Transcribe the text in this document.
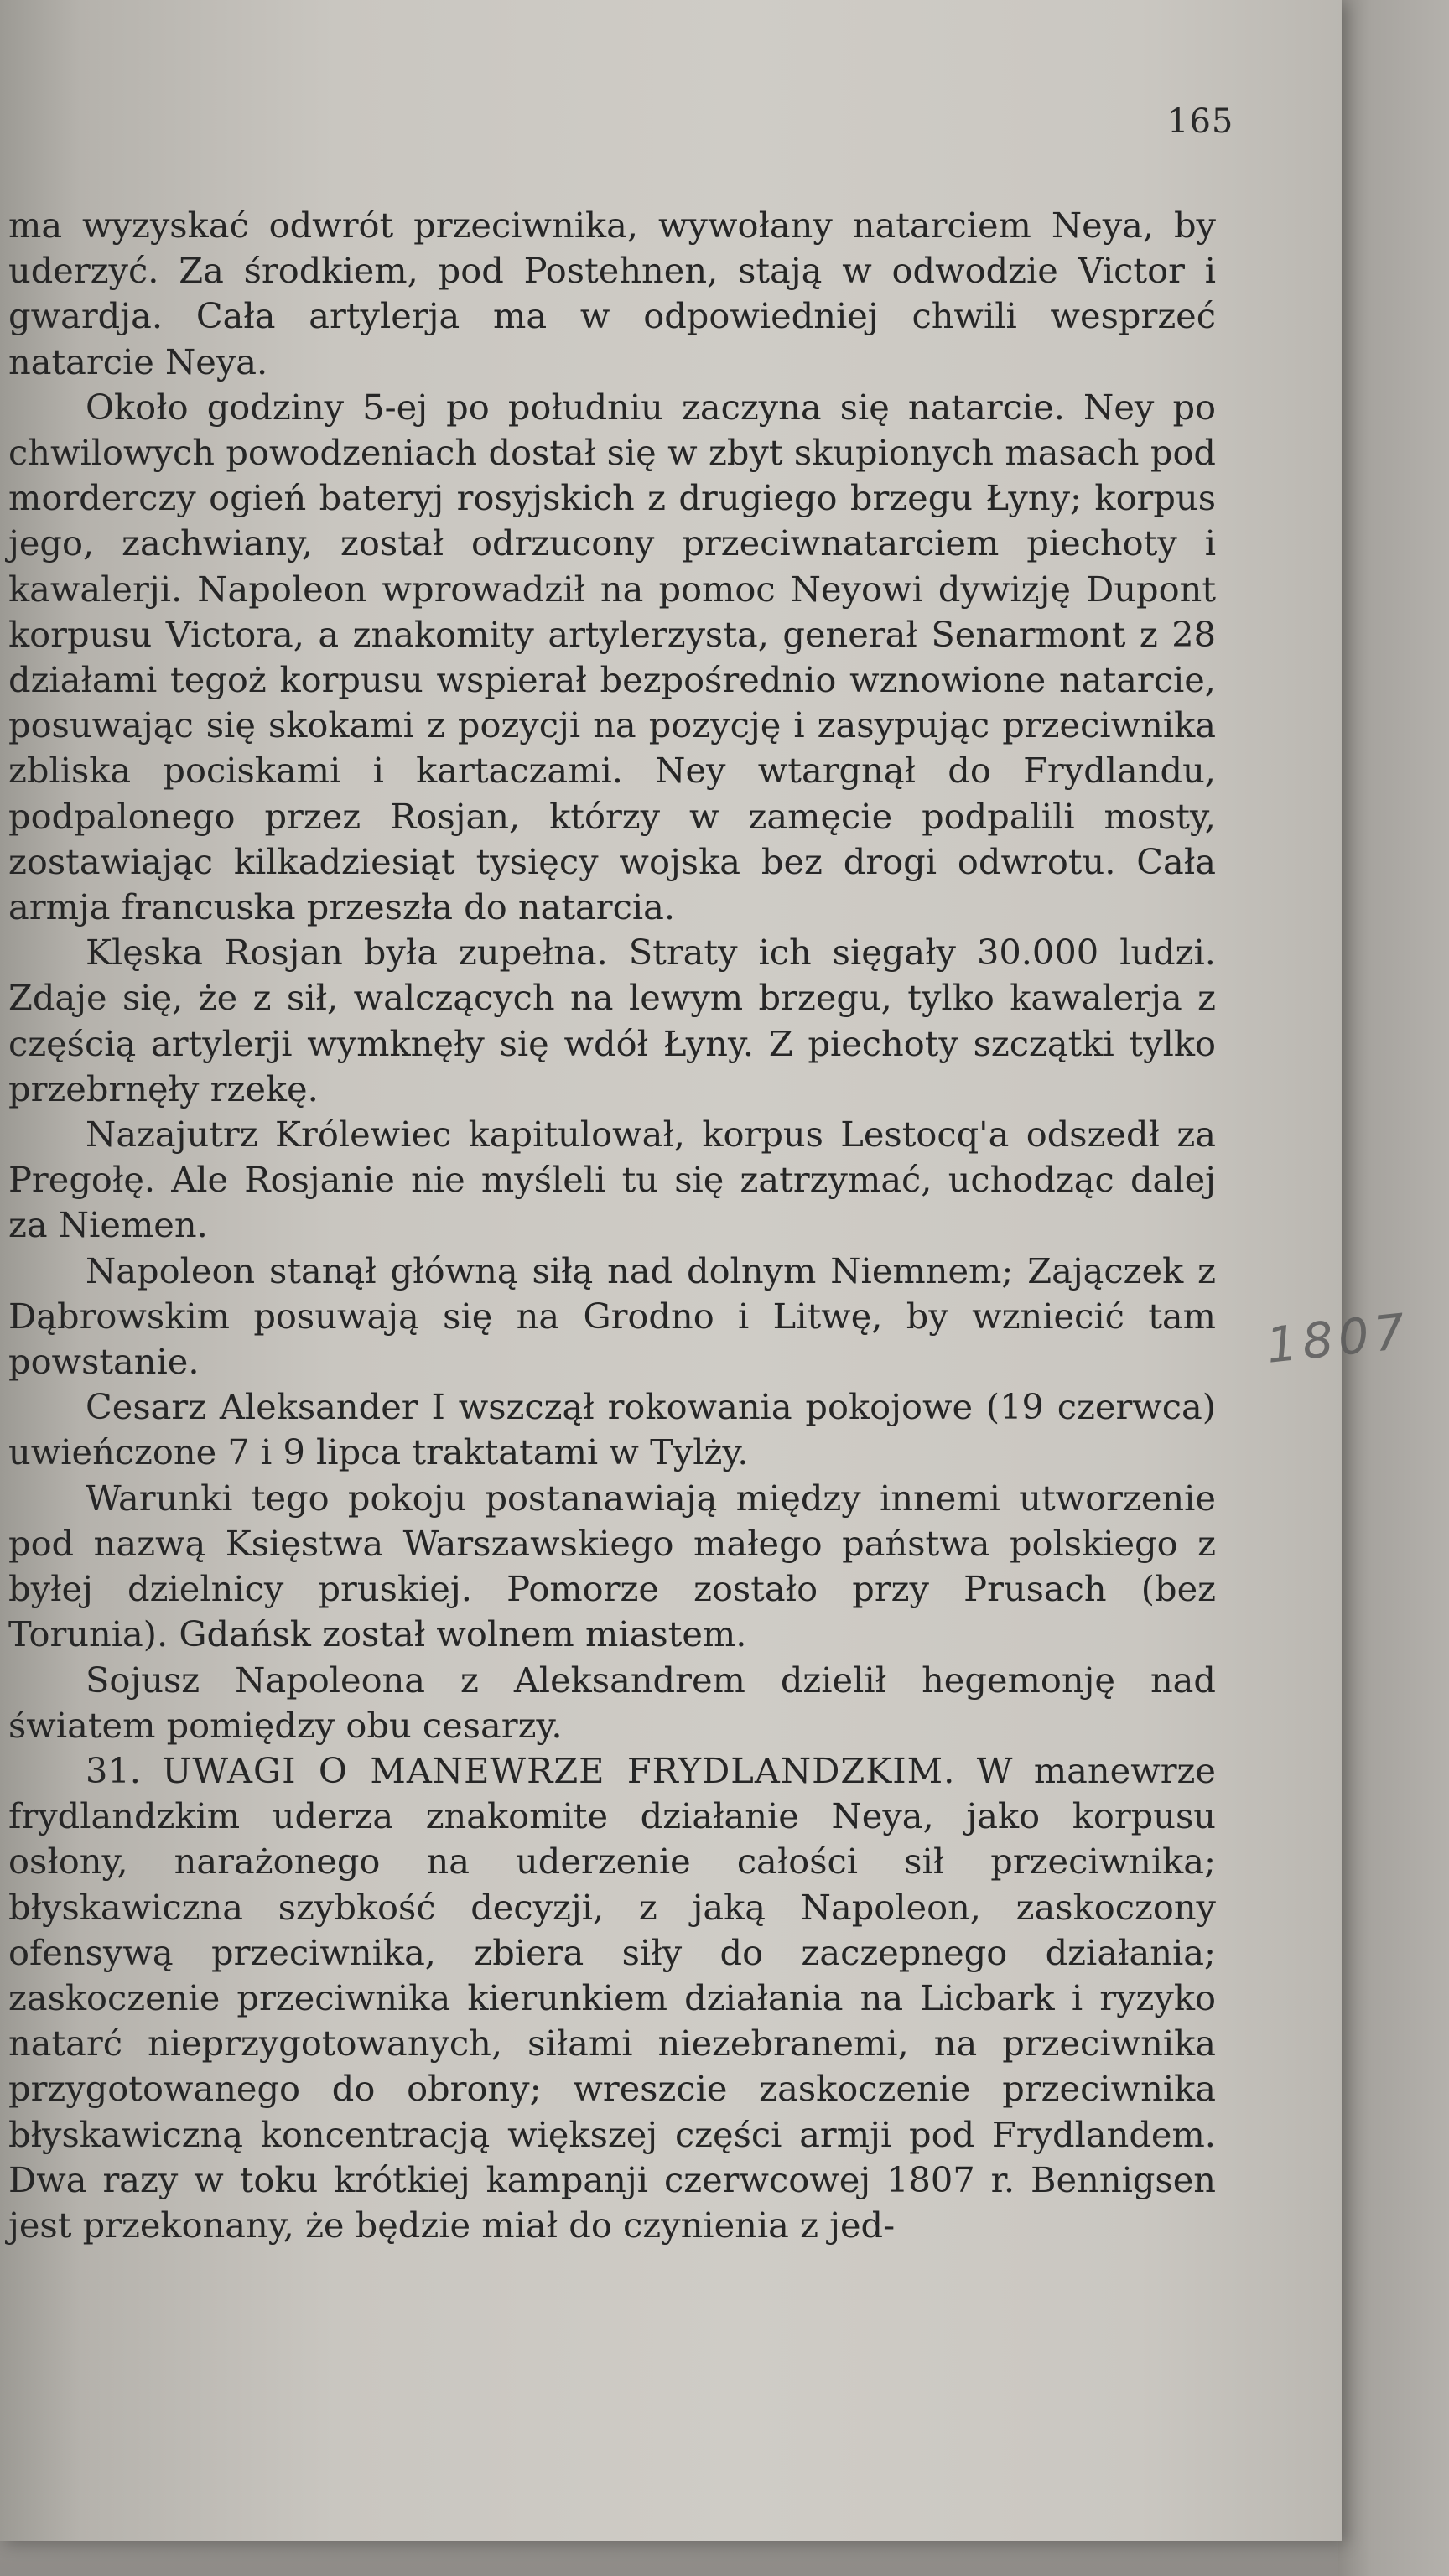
165

ma wyzyskać odwrót przeciwnika, wywołany natarciem Neya, by uderzyć. Za środkiem, pod Postehnen, stają w odwodzie Victor i gwardja. Cała artylerja ma w odpowiedniej chwili wesprzeć natarcie Neya.

Około godziny 5-ej po południu zaczyna się natarcie. Ney po chwilowych powodzeniach dostał się w zbyt skupionych masach pod morderczy ogień bateryj rosyjskich z drugiego brzegu Łyny; korpus jego, zachwiany, został odrzucony przeciwnatarciem piechoty i kawalerji. Napoleon wprowadził na pomoc Neyowi dywizję Dupont korpusu Victora, a znakomity artylerzysta, generał Senarmont z 28 działami tegoż korpusu wspierał bezpośrednio wznowione natarcie, posuwając się skokami z pozycji na pozycję i zasypując przeciwnika zbliska pociskami i kartaczami. Ney wtargnął do Frydlandu, podpalonego przez Rosjan, którzy w zamęcie podpalili mosty, zostawiając kilkadziesiąt tysięcy wojska bez drogi odwrotu. Cała armja francuska przeszła do natarcia.

Klęska Rosjan była zupełna. Straty ich sięgały 30.000 ludzi. Zdaje się, że z sił, walczących na lewym brzegu, tylko kawalerja z częścią artylerji wymknęły się wdół Łyny. Z piechoty szczątki tylko przebrnęły rzekę.

Nazajutrz Królewiec kapitulował, korpus Lestocq'a odszedł za Pregołę. Ale Rosjanie nie myśleli tu się zatrzymać, uchodząc dalej za Niemen.

Napoleon stanął główną siłą nad dolnym Niemnem; Zajączek z Dąbrowskim posuwają się na Grodno i Litwę, by wzniecić tam powstanie.

Cesarz Aleksander I wszczął rokowania pokojowe (19 czerwca) uwieńczone 7 i 9 lipca traktatami w Tylży.

Warunki tego pokoju postanawiają między innemi utworzenie pod nazwą Księstwa Warszawskiego małego państwa polskiego z byłej dzielnicy pruskiej. Pomorze zostało przy Prusach (bez Torunia). Gdańsk został wolnem miastem.

Sojusz Napoleona z Aleksandrem dzielił hegemonję nad światem pomiędzy obu cesarzy.

31. UWAGI O MANEWRZE FRYDLANDZKIM. W manewrze frydlandzkim uderza znakomite działanie Neya, jako korpusu osłony, narażonego na uderzenie całości sił przeciwnika; błyskawiczna szybkość decyzji, z jaką Napoleon, zaskoczony ofensywą przeciwnika, zbiera siły do zaczepnego działania; zaskoczenie przeciwnika kierunkiem działania na Licbark i ryzyko natarć nieprzygotowanych, siłami niezebranemi, na przeciwnika przygotowanego do obrony; wreszcie zaskoczenie przeciwnika błyskawiczną koncentracją większej części armji pod Frydlandem. Dwa razy w toku krótkiej kampanji czerwcowej 1807 r. Bennigsen jest przekonany, że będzie miał do czynienia z jed-

1807
